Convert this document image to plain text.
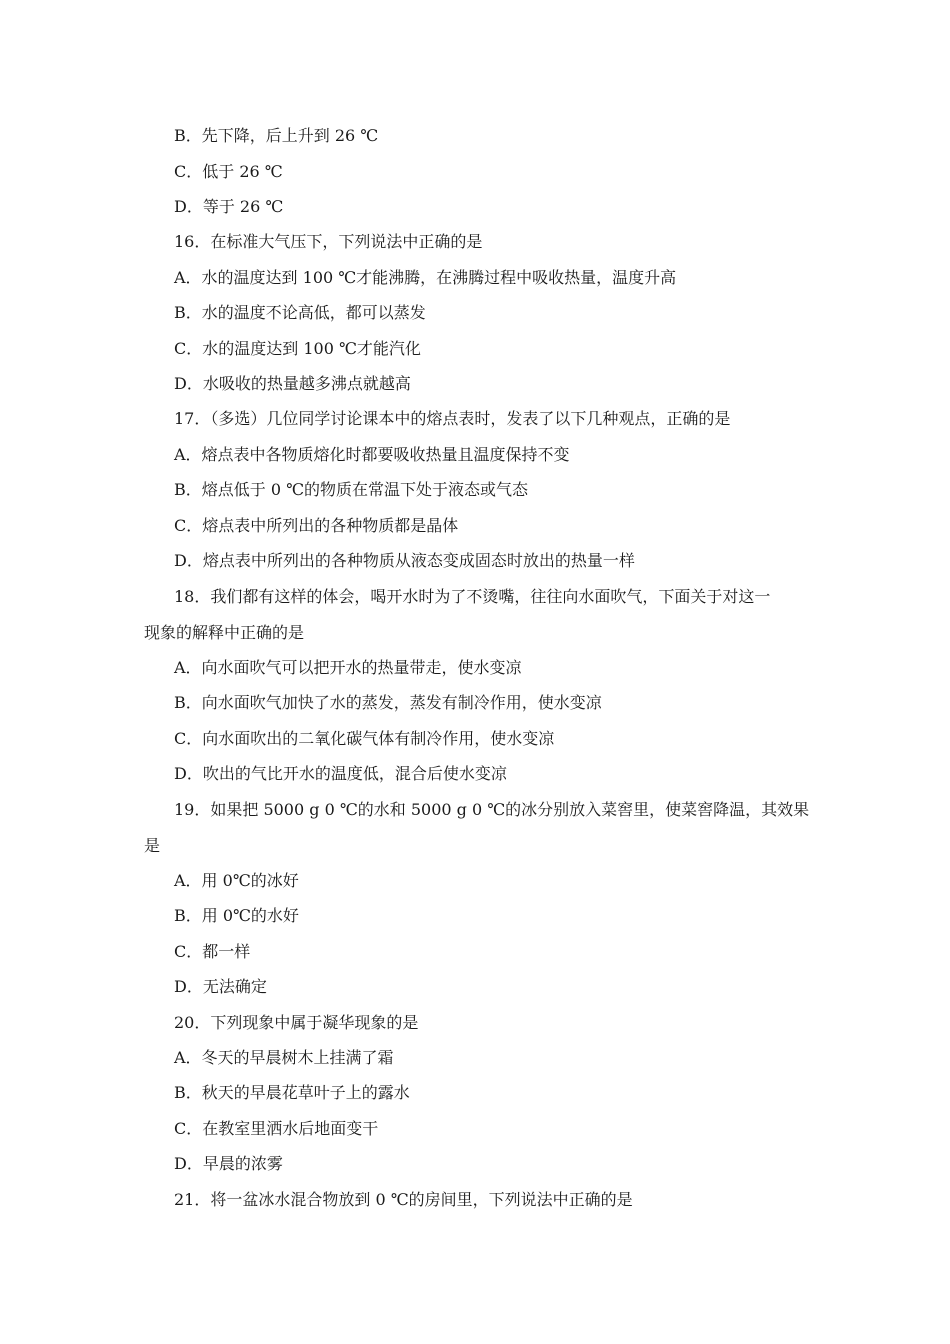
B．先下降，后上升到 26 ℃
C．低于 26 ℃
D．等于 26 ℃
16．在标准大气压下，下列说法中正确的是
A．水的温度达到 100 ℃才能沸腾，在沸腾过程中吸收热量，温度升高
B．水的温度不论高低，都可以蒸发
C．水的温度达到 100 ℃才能汽化
D．水吸收的热量越多沸点就越高
17．（多选）几位同学讨论课本中的熔点表时，发表了以下几种观点，正确的是
A．熔点表中各物质熔化时都要吸收热量且温度保持不变
B．熔点低于 0 ℃的物质在常温下处于液态或气态
C．熔点表中所列出的各种物质都是晶体
D．熔点表中所列出的各种物质从液态变成固态时放出的热量一样
18．我们都有这样的体会，喝开水时为了不烫嘴，往往向水面吹气，下面关于对这一
现象的解释中正确的是
A．向水面吹气可以把开水的热量带走，使水变凉
B．向水面吹气加快了水的蒸发，蒸发有制冷作用，使水变凉
C．向水面吹出的二氧化碳气体有制冷作用，使水变凉
D．吹出的气比开水的温度低，混合后使水变凉
19．如果把 5000 g 0 ℃的水和 5000 g 0 ℃的冰分别放入菜窖里，使菜窖降温，其效果
是
A．用 0℃的冰好
B．用 0℃的水好
C．都一样
D．无法确定
20．下列现象中属于凝华现象的是
A．冬天的早晨树木上挂满了霜
B．秋天的早晨花草叶子上的露水
C．在教室里洒水后地面变干
D．早晨的浓雾
21．将一盆冰水混合物放到 0 ℃的房间里，下列说法中正确的是
